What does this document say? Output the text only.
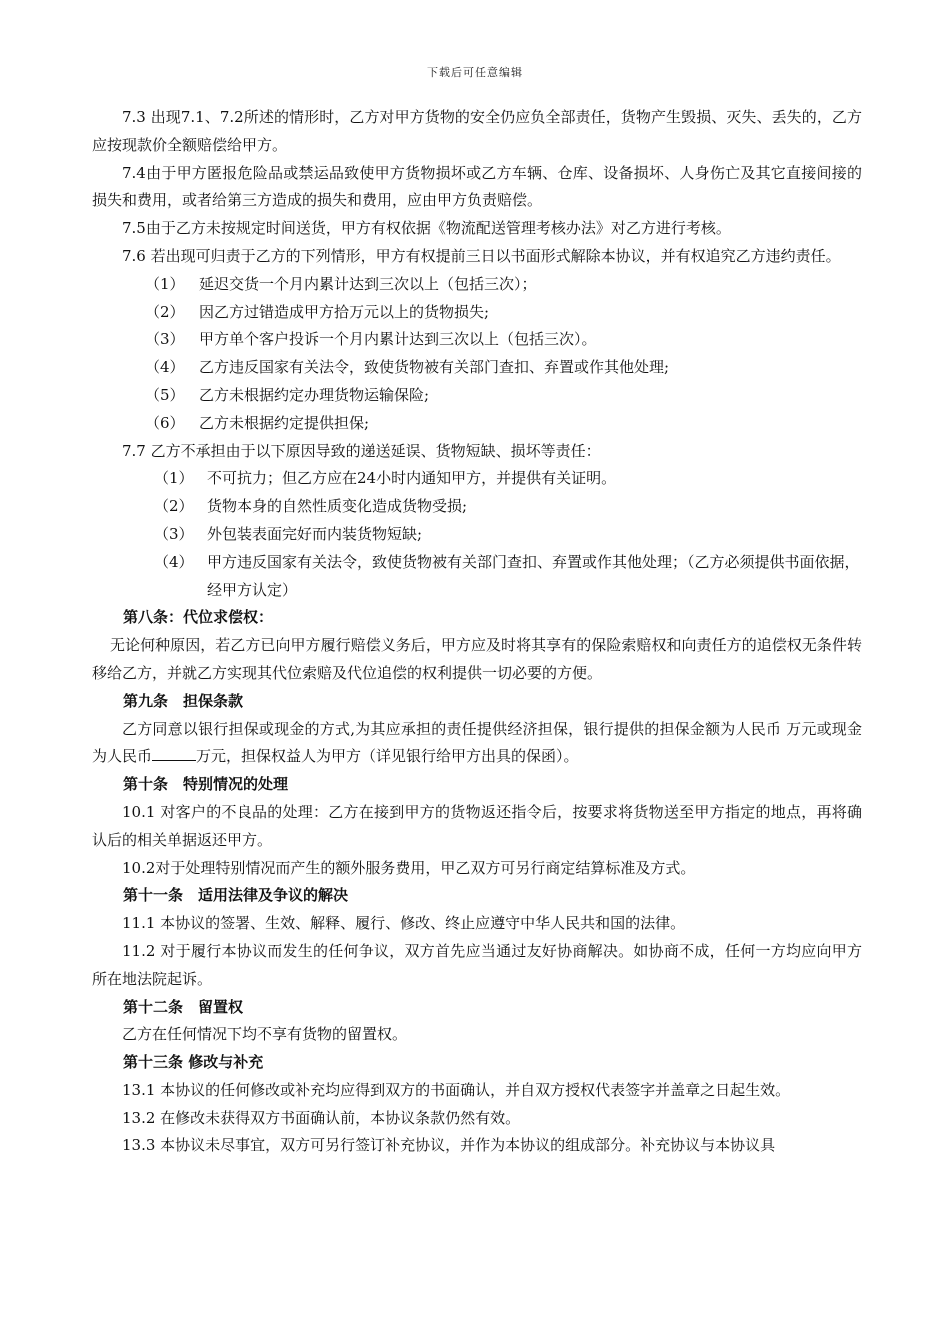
下载后可任意编辑

7.3 出现7.1、7.2所述的情形时，乙方对甲方货物的安全仍应负全部责任，货物产生毁损、灭失、丢失的，乙方应按现款价全额赔偿给甲方。

7.4由于甲方匿报危险品或禁运品致使甲方货物损坏或乙方车辆、仓库、设备损坏、人身伤亡及其它直接间接的损失和费用，或者给第三方造成的损失和费用，应由甲方负责赔偿。

7.5由于乙方未按规定时间送货，甲方有权依据《物流配送管理考核办法》对乙方进行考核。

7.6 若出现可归责于乙方的下列情形，甲方有权提前三日以书面形式解除本协议，并有权追究乙方违约责任。

（1） 延迟交货一个月内累计达到三次以上（包括三次）；
（2） 因乙方过错造成甲方拾万元以上的货物损失;
（3） 甲方单个客户投诉一个月内累计达到三次以上（包括三次）。
（4） 乙方违反国家有关法令，致使货物被有关部门查扣、弃置或作其他处理;
（5） 乙方未根据约定办理货物运输保险;
（6） 乙方未根据约定提供担保;

7.7 乙方不承担由于以下原因导致的递送延误、货物短缺、损坏等责任：

（1） 不可抗力；但乙方应在24小时内通知甲方，并提供有关证明。
（2） 货物本身的自然性质变化造成货物受损;
（3） 外包装表面完好而内装货物短缺;
（4） 甲方违反国家有关法令，致使货物被有关部门查扣、弃置或作其他处理；（乙方必须提供书面依据，经甲方认定）

第八条：代位求偿权：

无论何种原因，若乙方已向甲方履行赔偿义务后，甲方应及时将其享有的保险索赔权和向责任方的追偿权无条件转移给乙方，并就乙方实现其代位索赔及代位追偿的权利提供一切必要的方便。

第九条　担保条款

乙方同意以银行担保或现金的方式,为其应承担的责任提供经济担保，银行提供的担保金额为人民币 万元或现金为人民币	万元，担保权益人为甲方（详见银行给甲方出具的保函）。

第十条　特别情况的处理

10.1 对客户的不良品的处理：乙方在接到甲方的货物返还指令后，按要求将货物送至甲方指定的地点，再将确认后的相关单据返还甲方。

10.2对于处理特别情况而产生的额外服务费用，甲乙双方可另行商定结算标准及方式。

第十一条　适用法律及争议的解决

11.1 本协议的签署、生效、解释、履行、修改、终止应遵守中华人民共和国的法律。

11.2 对于履行本协议而发生的任何争议，双方首先应当通过友好协商解决。如协商不成，任何一方均应向甲方所在地法院起诉。

第十二条　留置权

乙方在任何情况下均不享有货物的留置权。

第十三条 修改与补充

13.1 本协议的任何修改或补充均应得到双方的书面确认，并自双方授权代表签字并盖章之日起生效。

13.2 在修改未获得双方书面确认前，本协议条款仍然有效。

13.3 本协议未尽事宜，双方可另行签订补充协议，并作为本协议的组成部分。补充协议与本协议具
